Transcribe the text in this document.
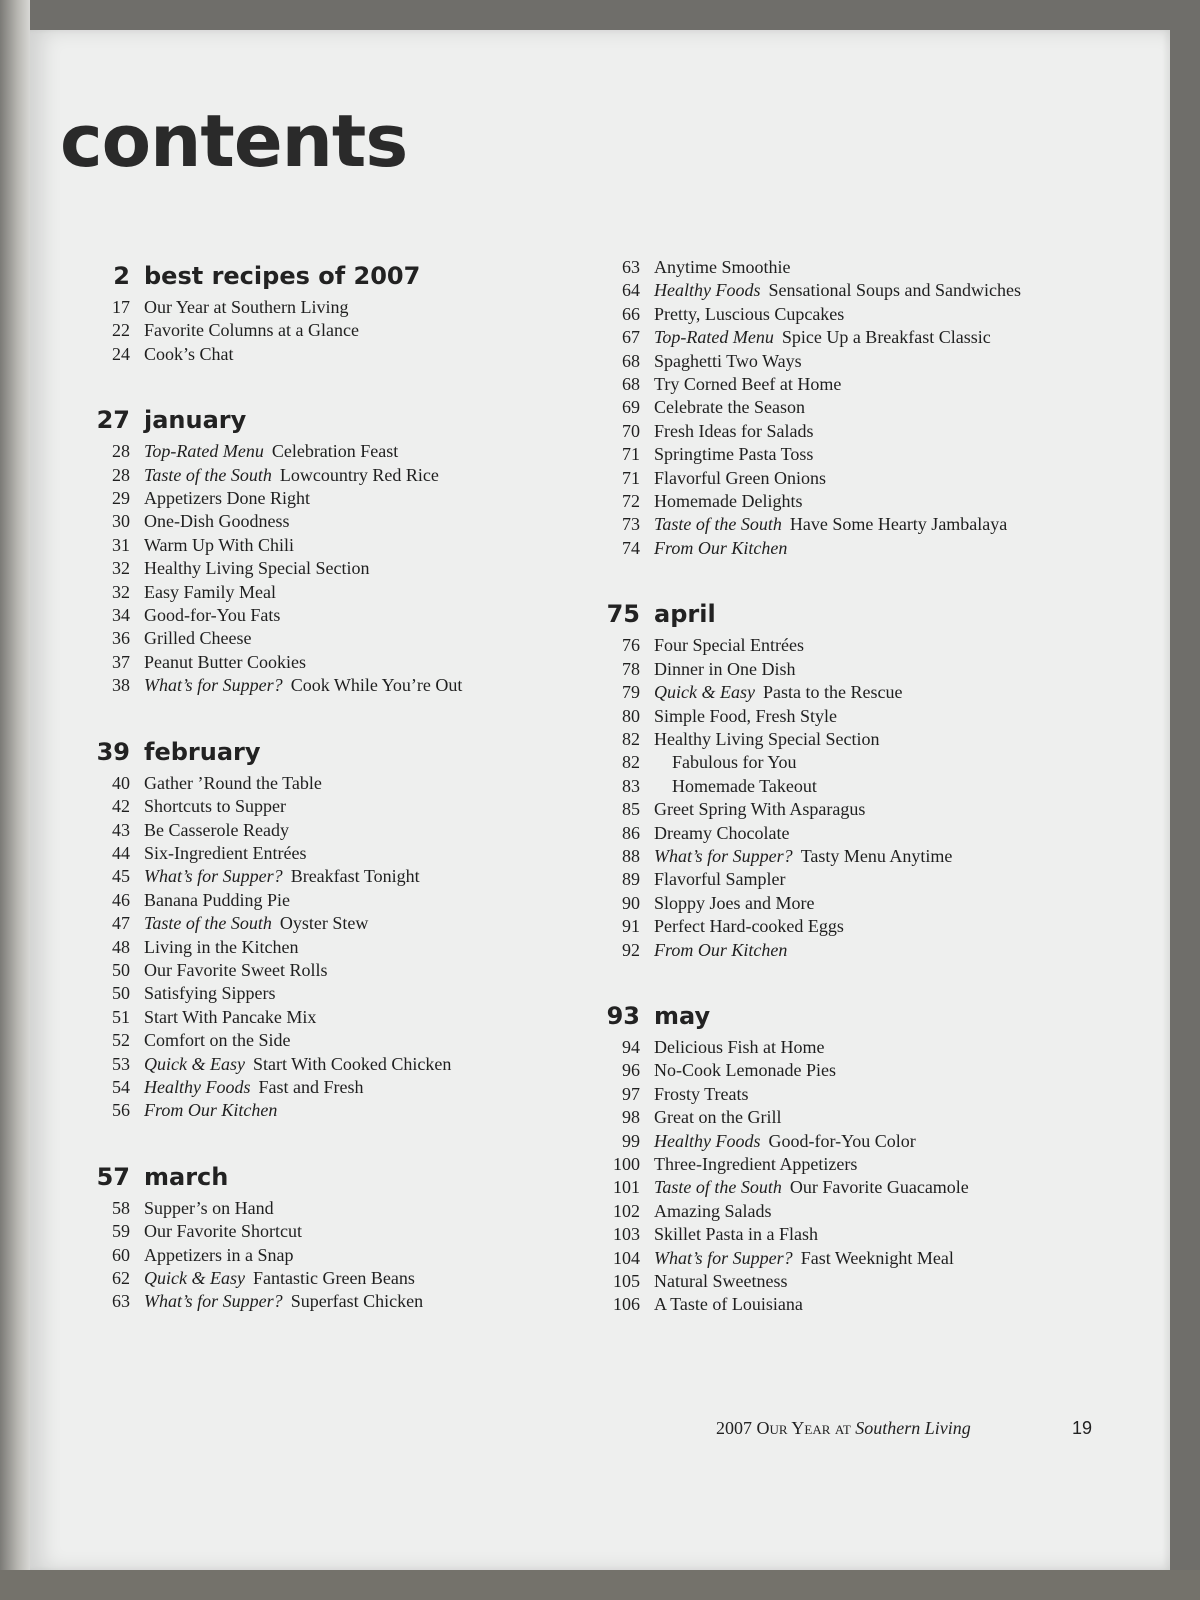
contents
2 best recipes of 2007
17 Our Year at Southern Living
22 Favorite Columns at a Glance
24 Cook’s Chat
27 january
28 Top-Rated Menu Celebration Feast
28 Taste of the South Lowcountry Red Rice
29 Appetizers Done Right
30 One-Dish Goodness
31 Warm Up With Chili
32 Healthy Living Special Section
32 Easy Family Meal
34 Good-for-You Fats
36 Grilled Cheese
37 Peanut Butter Cookies
38 What’s for Supper? Cook While You’re Out
39 february
40 Gather ’Round the Table
42 Shortcuts to Supper
43 Be Casserole Ready
44 Six-Ingredient Entrées
45 What’s for Supper? Breakfast Tonight
46 Banana Pudding Pie
47 Taste of the South Oyster Stew
48 Living in the Kitchen
50 Our Favorite Sweet Rolls
50 Satisfying Sippers
51 Start With Pancake Mix
52 Comfort on the Side
53 Quick & Easy Start With Cooked Chicken
54 Healthy Foods Fast and Fresh
56 From Our Kitchen
57 march
58 Supper’s on Hand
59 Our Favorite Shortcut
60 Appetizers in a Snap
62 Quick & Easy Fantastic Green Beans
63 What’s for Supper? Superfast Chicken
63 Anytime Smoothie
64 Healthy Foods Sensational Soups and Sandwiches
66 Pretty, Luscious Cupcakes
67 Top-Rated Menu Spice Up a Breakfast Classic
68 Spaghetti Two Ways
68 Try Corned Beef at Home
69 Celebrate the Season
70 Fresh Ideas for Salads
71 Springtime Pasta Toss
71 Flavorful Green Onions
72 Homemade Delights
73 Taste of the South Have Some Hearty Jambalaya
74 From Our Kitchen
75 april
76 Four Special Entrées
78 Dinner in One Dish
79 Quick & Easy Pasta to the Rescue
80 Simple Food, Fresh Style
82 Healthy Living Special Section
82	Fabulous for You
83	Homemade Takeout
85 Greet Spring With Asparagus
86 Dreamy Chocolate
88 What’s for Supper? Tasty Menu Anytime
89 Flavorful Sampler
90 Sloppy Joes and More
91 Perfect Hard-cooked Eggs
92 From Our Kitchen
93 may
94 Delicious Fish at Home
96 No-Cook Lemonade Pies
97 Frosty Treats
98 Great on the Grill
99 Healthy Foods Good-for-You Color
100 Three-Ingredient Appetizers
101 Taste of the South Our Favorite Guacamole
102 Amazing Salads
103 Skillet Pasta in a Flash
104 What’s for Supper? Fast Weeknight Meal
105 Natural Sweetness
106 A Taste of Louisiana
2007 Our Year at Southern Living	19
